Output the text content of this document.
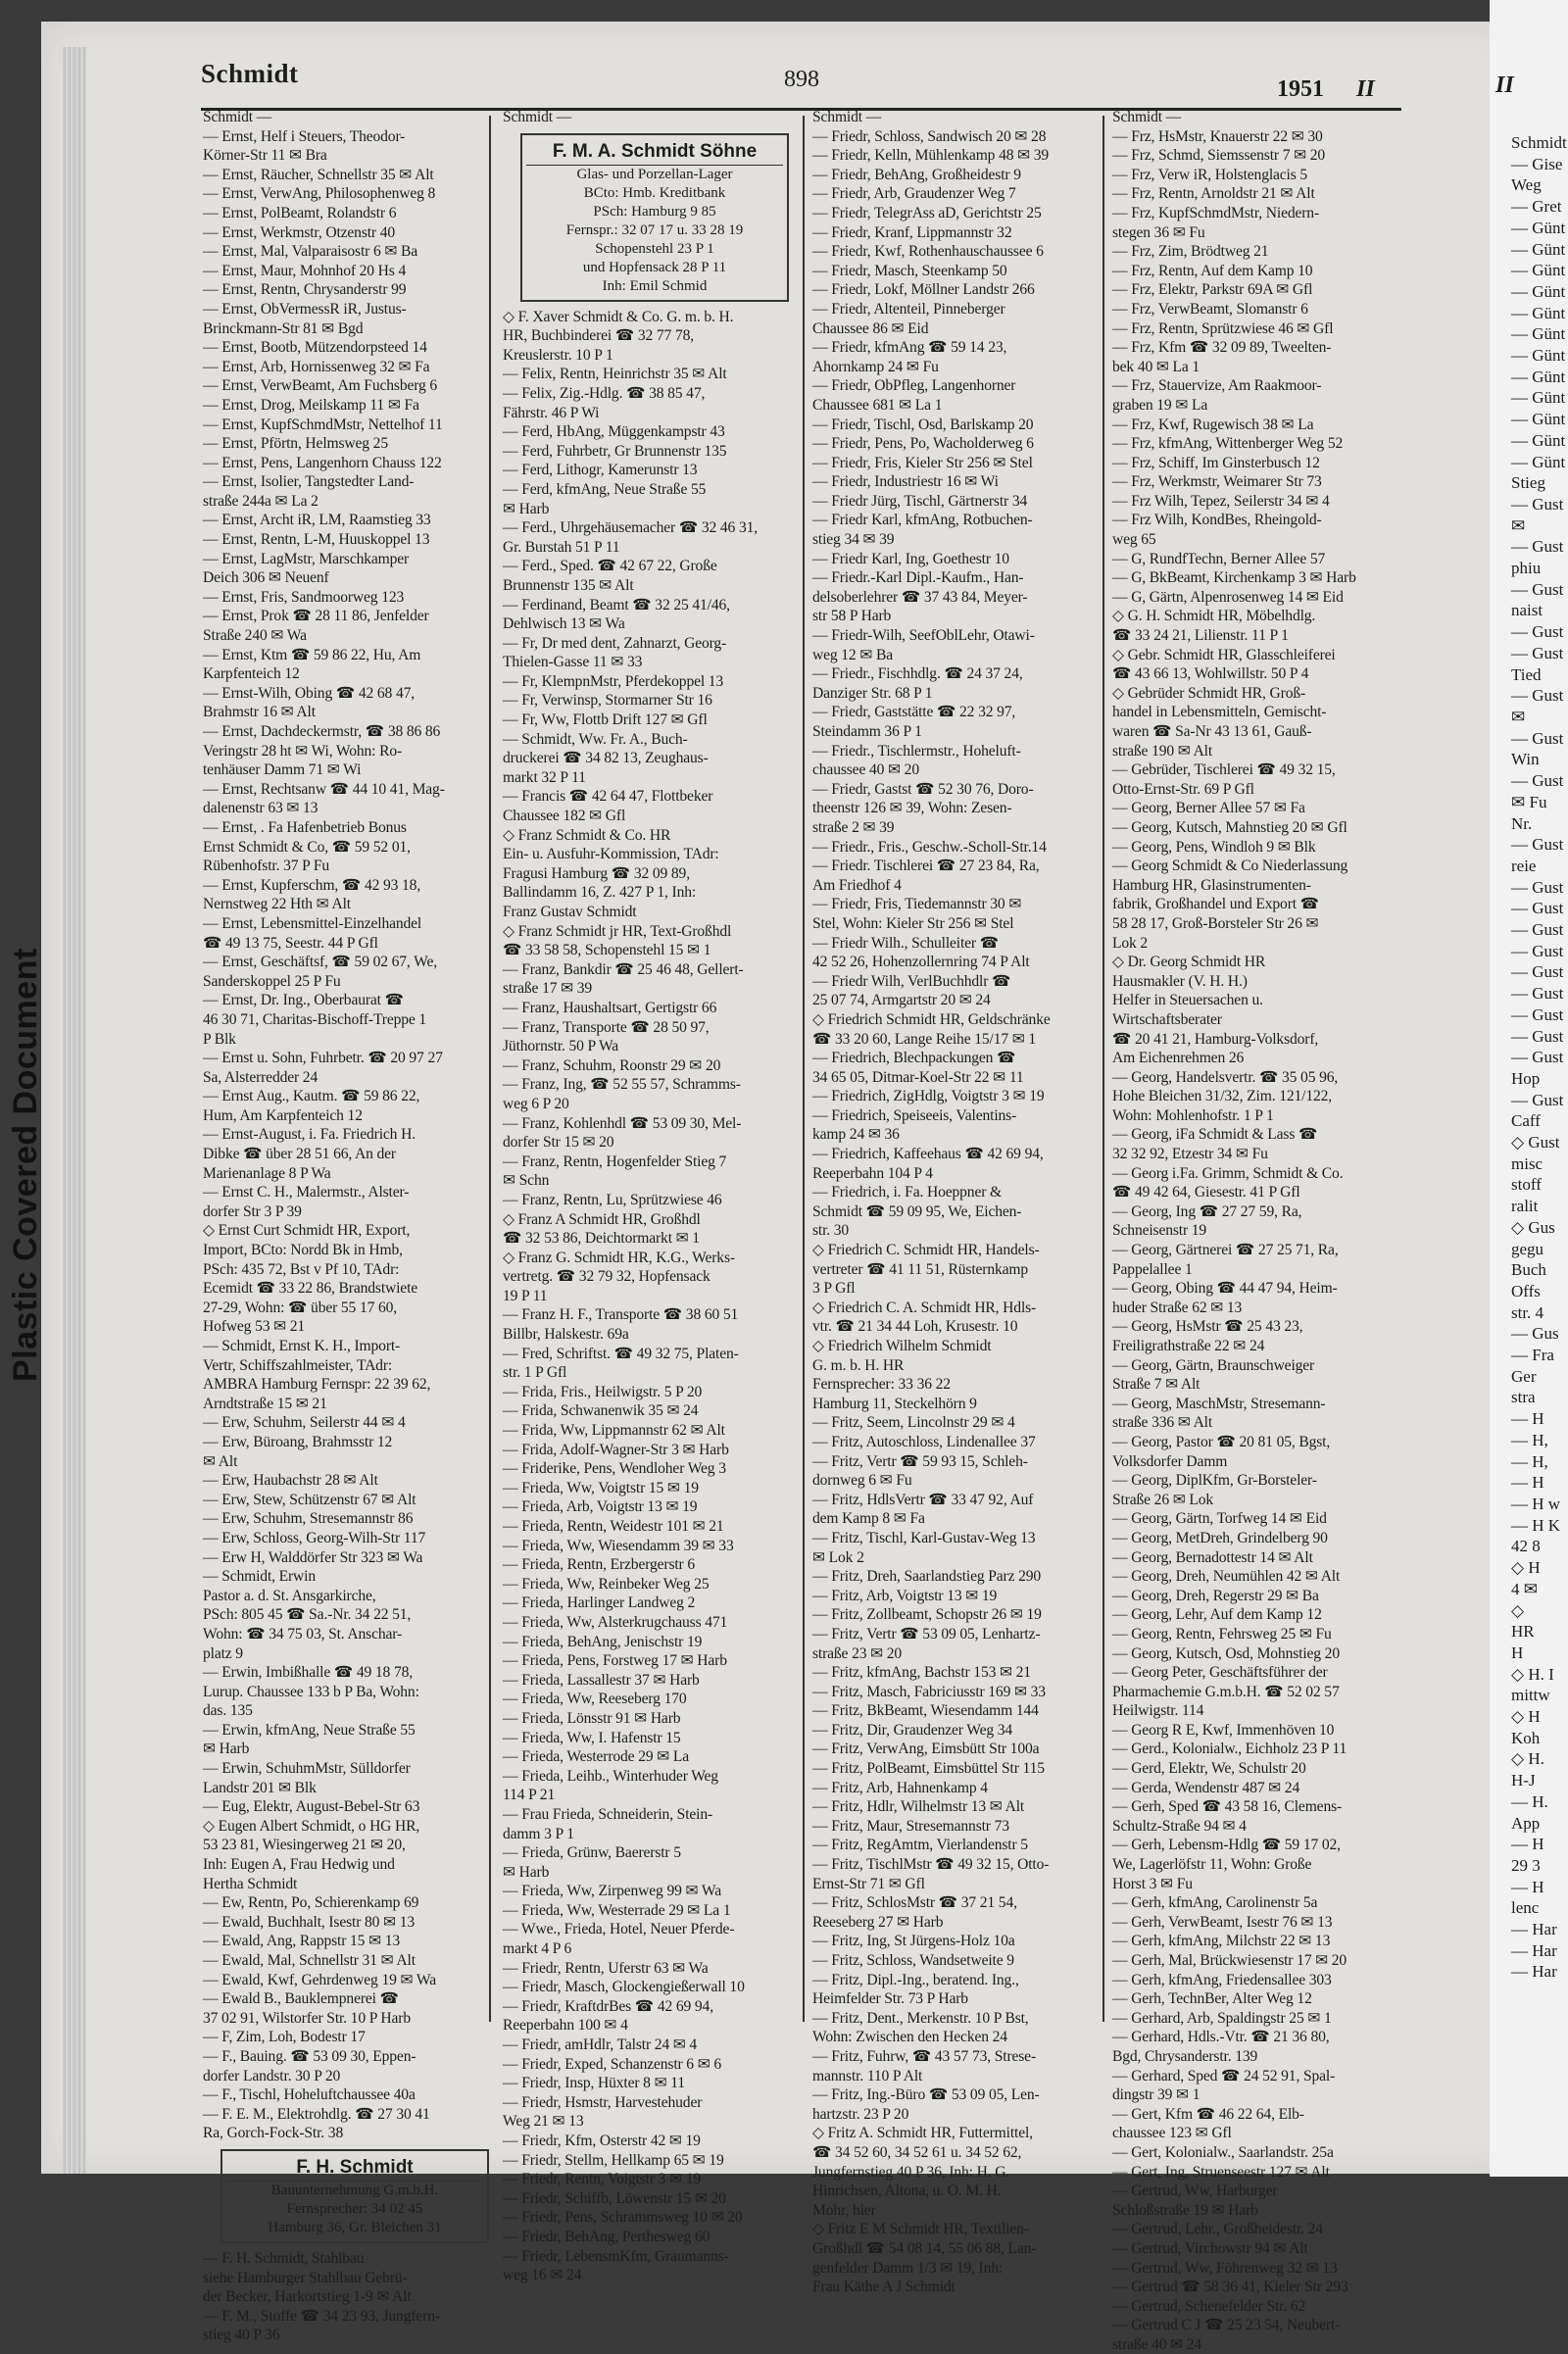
Plastic Covered Document
Schmidt	898	1951 II
Schmidt —
— Ernst, Helf i Steuers, Theodor-
Körner-Str 11 ✉ Bra
— Ernst, Räucher, Schnellstr 35 ✉ Alt
— Ernst, VerwAng, Philosophenweg 8
— Ernst, PolBeamt, Rolandstr 6
— Ernst, Werkmstr, Otzenstr 40
— Ernst, Mal, Valparaisostr 6 ✉ Ba
— Ernst, Maur, Mohnhof 20 Hs 4
— Ernst, Rentn, Chrysanderstr 99
— Ernst, ObVermessR iR, Justus-
Brinckmann-Str 81 ✉ Bgd
— Ernst, Bootb, Mützendorpsteed 14
— Ernst, Arb, Hornissenweg 32 ✉ Fa
— Ernst, VerwBeamt, Am Fuchsberg 6
— Ernst, Drog, Meilskamp 11 ✉ Fa
— Ernst, KupfSchmdMstr, Nettelhof 11
— Ernst, Pförtn, Helmsweg 25
— Ernst, Pens, Langenhorn Chauss 122
— Ernst, Isolier, Tangstedter Land-
straße 244a ✉ La 2
— Ernst, Archt iR, LM, Raamstieg 33
— Ernst, Rentn, L-M, Huuskoppel 13
— Ernst, LagMstr, Marschkamper
Deich 306 ✉ Neuenf
— Ernst, Fris, Sandmoorweg 123
— Ernst, Prok ☎ 28 11 86, Jenfelder
Straße 240 ✉ Wa
— Ernst, Ktm ☎ 59 86 22, Hu, Am
Karpfenteich 12
— Ernst-Wilh, Obing ☎ 42 68 47,
Brahmstr 16 ✉ Alt
— Ernst, Dachdeckermstr, ☎ 38 86 86
Veringstr 28 ht ✉ Wi, Wohn: Ro-
tenhäuser Damm 71 ✉ Wi
— Ernst, Rechtsanw ☎ 44 10 41, Mag-
dalenenstr 63 ✉ 13
— Ernst, . Fa Hafenbetrieb Bonus
Ernst Schmidt & Co, ☎ 59 52 01,
Rübenhofstr. 37 P Fu
— Ernst, Kupferschm, ☎ 42 93 18,
Nernstweg 22 Hth ✉ Alt
— Ernst, Lebensmittel-Einzelhandel
☎ 49 13 75, Seestr. 44 P Gfl
— Ernst, Geschäftsf, ☎ 59 02 67, We,
Sanderskoppel 25 P Fu
— Ernst, Dr. Ing., Oberbaurat ☎
46 30 71, Charitas-Bischoff-Treppe 1
P Blk
— Ernst u. Sohn, Fuhrbetr. ☎ 20 97 27
Sa, Alsterredder 24
— Ernst Aug., Kautm. ☎ 59 86 22,
Hum, Am Karpfenteich 12
— Ernst-August, i. Fa. Friedrich H.
Dibke ☎ über 28 51 66, An der
Marienanlage 8 P Wa
— Ernst C. H., Malermstr., Alster-
dorfer Str 3 P 39
◇ Ernst Curt Schmidt HR, Export,
Import, BCto: Nordd Bk in Hmb,
PSch: 435 72, Bst v Pf 10, TAdr:
Ecemidt ☎ 33 22 86, Brandstwiete
27-29, Wohn: ☎ über 55 17 60,
Hofweg 53 ✉ 21
— Schmidt, Ernst K. H., Import-
Vertr, Schiffszahlmeister, TAdr:
AMBRA Hamburg Fernspr: 22 39 62,
Arndtstraße 15 ✉ 21
— Erw, Schuhm, Seilerstr 44 ✉ 4
— Erw, Büroang, Brahmsstr 12
✉ Alt
— Erw, Haubachstr 28 ✉ Alt
— Erw, Stew, Schützenstr 67 ✉ Alt
— Erw, Schuhm, Stresemannstr 86
— Erw, Schloss, Georg-Wilh-Str 117
— Erw H, Walddörfer Str 323 ✉ Wa
— Schmidt, Erwin
Pastor a. d. St. Ansgarkirche,
PSch: 805 45 ☎ Sa.-Nr. 34 22 51,
Wohn: ☎ 34 75 03, St. Anschar-
platz 9
— Erwin, Imbißhalle ☎ 49 18 78,
Lurup. Chaussee 133 b P Ba, Wohn:
das. 135
— Erwin, kfmAng, Neue Straße 55
✉ Harb
— Erwin, SchuhmMstr, Sülldorfer
Landstr 201 ✉ Blk
— Eug, Elektr, August-Bebel-Str 63
◇ Eugen Albert Schmidt, o HG HR,
53 23 81, Wiesingerweg 21 ✉ 20,
Inh: Eugen A, Frau Hedwig und
Hertha Schmidt
— Ew, Rentn, Po, Schierenkamp 69
— Ewald, Buchhalt, Isestr 80 ✉ 13
— Ewald, Ang, Rappstr 15 ✉ 13
— Ewald, Mal, Schnellstr 31 ✉ Alt
— Ewald, Kwf, Gehrdenweg 19 ✉ Wa
— Ewald B., Bauklempnerei ☎
37 02 91, Wilstorfer Str. 10 P Harb
— F, Zim, Loh, Bodestr 17
— F., Bauing. ☎ 53 09 30, Eppen-
dorfer Landstr. 30 P 20
— F., Tischl, Hoheluftchaussee 40a
— F. E. M., Elektrohdlg. ☎ 27 30 41
Ra, Gorch-Fock-Str. 38
F. H. Schmidt
Bauunternehmung G.m.b.H.
Fernsprecher: 34 02 45
Hamburg 36, Gr. Bleichen 31
— F. H. Schmidt, Stahlbau
siehe Hamburger Stahlbau Gebrü-
der Becker, Harkortstieg 1-9 ✉ Alt
— F. M., Stoffe ☎ 34 23 93, Jungfern-
stieg 40 P 36
Schmidt —
F. M. A. Schmidt Söhne
Glas- und Porzellan-Lager
BCto: Hmb. Kreditbank
PSch: Hamburg 9 85
Fernspr.: 32 07 17 u. 33 28 19
Schopenstehl 23 P 1
und Hopfensack 28 P 11
Inh: Emil Schmid
◇ F. Xaver Schmidt & Co. G. m. b. H.
HR, Buchbinderei ☎ 32 77 78,
Kreuslerstr. 10 P 1
— Felix, Rentn, Heinrichstr 35 ✉ Alt
— Felix, Zig.-Hdlg. ☎ 38 85 47,
Fährstr. 46 P Wi
— Ferd, HbAng, Müggenkampstr 43
— Ferd, Fuhrbetr, Gr Brunnenstr 135
— Ferd, Lithogr, Kamerunstr 13
— Ferd, kfmAng, Neue Straße 55
✉ Harb
— Ferd., Uhrgehäusemacher ☎ 32 46 31,
Gr. Burstah 51 P 11
— Ferd., Sped. ☎ 42 67 22, Große
Brunnenstr 135 ✉ Alt
— Ferdinand, Beamt ☎ 32 25 41/46,
Dehlwisch 13 ✉ Wa
— Fr, Dr med dent, Zahnarzt, Georg-
Thielen-Gasse 11 ✉ 33
— Fr, KlempnMstr, Pferdekoppel 13
— Fr, Verwinsp, Stormarner Str 16
— Fr, Ww, Flottb Drift 127 ✉ Gfl
— Schmidt, Ww. Fr. A., Buch-
druckerei ☎ 34 82 13, Zeughaus-
markt 32 P 11
— Francis ☎ 42 64 47, Flottbeker
Chaussee 182 ✉ Gfl
◇ Franz Schmidt & Co. HR
Ein- u. Ausfuhr-Kommission, TAdr:
Fragusi Hamburg ☎ 32 09 89,
Ballindamm 16, Z. 427 P 1, Inh:
Franz Gustav Schmidt
◇ Franz Schmidt jr HR, Text-Großhdl
☎ 33 58 58, Schopenstehl 15 ✉ 1
— Franz, Bankdir ☎ 25 46 48, Gellert-
straße 17 ✉ 39
— Franz, Haushaltsart, Gertigstr 66
— Franz, Transporte ☎ 28 50 97,
Jüthornstr. 50 P Wa
— Franz, Schuhm, Roonstr 29 ✉ 20
— Franz, Ing, ☎ 52 55 57, Schramms-
weg 6 P 20
— Franz, Kohlenhdl ☎ 53 09 30, Mel-
dorfer Str 15 ✉ 20
— Franz, Rentn, Hogenfelder Stieg 7
✉ Schn
— Franz, Rentn, Lu, Sprützwiese 46
◇ Franz A Schmidt HR, Großhdl
☎ 32 53 86, Deichtormarkt ✉ 1
◇ Franz G. Schmidt HR, K.G., Werks-
vertretg. ☎ 32 79 32, Hopfensack
19 P 11
— Franz H. F., Transporte ☎ 38 60 51
Billbr, Halskestr. 69a
— Fred, Schriftst. ☎ 49 32 75, Platen-
str. 1 P Gfl
— Frida, Fris., Heilwigstr. 5 P 20
— Frida, Schwanenwik 35 ✉ 24
— Frida, Ww, Lippmannstr 62 ✉ Alt
— Frida, Adolf-Wagner-Str 3 ✉ Harb
— Friderike, Pens, Wendloher Weg 3
— Frieda, Ww, Voigtstr 15 ✉ 19
— Frieda, Arb, Voigtstr 13 ✉ 19
— Frieda, Rentn, Weidestr 101 ✉ 21
— Frieda, Ww, Wiesendamm 39 ✉ 33
— Frieda, Rentn, Erzbergerstr 6
— Frieda, Ww, Reinbeker Weg 25
— Frieda, Harlinger Landweg 2
— Frieda, Ww, Alsterkrugchauss 471
— Frieda, BehAng, Jenischstr 19
— Frieda, Pens, Forstweg 17 ✉ Harb
— Frieda, Lassallestr 37 ✉ Harb
— Frieda, Ww, Reeseberg 170
— Frieda, Lönsstr 91 ✉ Harb
— Frieda, Ww, I. Hafenstr 15
— Frieda, Westerrode 29 ✉ La
— Frieda, Leihb., Winterhuder Weg
114 P 21
— Frau Frieda, Schneiderin, Stein-
damm 3 P 1
— Frieda, Grünw, Baererstr 5
✉ Harb
— Frieda, Ww, Zirpenweg 99 ✉ Wa
— Frieda, Ww, Westerrade 29 ✉ La 1
— Wwe., Frieda, Hotel, Neuer Pferde-
markt 4 P 6
— Friedr, Rentn, Uferstr 63 ✉ Wa
— Friedr, Masch, Glockengießerwall 10
— Friedr, KraftdrBes ☎ 42 69 94,
Reeperbahn 100 ✉ 4
— Friedr, amHdlr, Talstr 24 ✉ 4
— Friedr, Exped, Schanzenstr 6 ✉ 6
— Friedr, Insp, Hüxter 8 ✉ 11
— Friedr, Hsmstr, Harvestehuder
Weg 21 ✉ 13
— Friedr, Kfm, Osterstr 42 ✉ 19
— Friedr, Stellm, Hellkamp 65 ✉ 19
— Friedr, Rentn, Voigtstr 3 ✉ 19
— Friedr, Schiffb, Löwenstr 15 ✉ 20
— Friedr, Pens, Schrammsweg 10 ✉ 20
— Friedr, BehAng, Perthesweg 60
— Friedr, LebensmKfm, Graumanns-
weg 16 ✉ 24
Schmidt —
— Friedr, Schloss, Sandwisch 20 ✉ 28
— Friedr, Kelln, Mühlenkamp 48 ✉ 39
— Friedr, BehAng, Großheidestr 9
— Friedr, Arb, Graudenzer Weg 7
— Friedr, TelegrAss aD, Gerichtstr 25
— Friedr, Kranf, Lippmannstr 32
— Friedr, Kwf, Rothenhauschaussee 6
— Friedr, Masch, Steenkamp 50
— Friedr, Lokf, Möllner Landstr 266
— Friedr, Altenteil, Pinneberger
Chaussee 86 ✉ Eid
— Friedr, kfmAng ☎ 59 14 23,
Ahornkamp 24 ✉ Fu
— Friedr, ObPfleg, Langenhorner
Chaussee 681 ✉ La 1
— Friedr, Tischl, Osd, Barlskamp 20
— Friedr, Pens, Po, Wacholderweg 6
— Friedr, Fris, Kieler Str 256 ✉ Stel
— Friedr, Industriestr 16 ✉ Wi
— Friedr Jürg, Tischl, Gärtnerstr 34
— Friedr Karl, kfmAng, Rotbuchen-
stieg 34 ✉ 39
— Friedr Karl, Ing, Goethestr 10
— Friedr.-Karl Dipl.-Kaufm., Han-
delsoberlehrer ☎ 37 43 84, Meyer-
str 58 P Harb
— Friedr-Wilh, SeefOblLehr, Otawi-
weg 12 ✉ Ba
— Friedr., Fischhdlg. ☎ 24 37 24,
Danziger Str. 68 P 1
— Friedr, Gaststätte ☎ 22 32 97,
Steindamm 36 P 1
— Friedr., Tischlermstr., Hoheluft-
chaussee 40 ✉ 20
— Friedr, Gastst ☎ 52 30 76, Doro-
theenstr 126 ✉ 39, Wohn: Zesen-
straße 2 ✉ 39
— Friedr., Fris., Geschw.-Scholl-Str.14
— Friedr. Tischlerei ☎ 27 23 84, Ra,
Am Friedhof 4
— Friedr, Fris, Tiedemannstr 30 ✉
Stel, Wohn: Kieler Str 256 ✉ Stel
— Friedr Wilh., Schulleiter ☎
42 52 26, Hohenzollernring 74 P Alt
— Friedr Wilh, VerlBuchhdlr ☎
25 07 74, Armgartstr 20 ✉ 24
◇ Friedrich Schmidt HR, Geldschränke
☎ 33 20 60, Lange Reihe 15/17 ✉ 1
— Friedrich, Blechpackungen ☎
34 65 05, Ditmar-Koel-Str 22 ✉ 11
— Friedrich, ZigHdlg, Voigtstr 3 ✉ 19
— Friedrich, Speiseeis, Valentins-
kamp 24 ✉ 36
— Friedrich, Kaffeehaus ☎ 42 69 94,
Reeperbahn 104 P 4
— Friedrich, i. Fa. Hoeppner &
Schmidt ☎ 59 09 95, We, Eichen-
str. 30
◇ Friedrich C. Schmidt HR, Handels-
vertreter ☎ 41 11 51, Rüsternkamp
3 P Gfl
◇ Friedrich C. A. Schmidt HR, Hdls-
vtr. ☎ 21 34 44 Loh, Krusestr. 10
◇ Friedrich Wilhelm Schmidt
G. m. b. H. HR
Fernsprecher: 33 36 22
Hamburg 11, Steckelhörn 9
— Fritz, Seem, Lincolnstr 29 ✉ 4
— Fritz, Autoschloss, Lindenallee 37
— Fritz, Vertr ☎ 59 93 15, Schleh-
dornweg 6 ✉ Fu
— Fritz, HdlsVertr ☎ 33 47 92, Auf
dem Kamp 8 ✉ Fa
— Fritz, Tischl, Karl-Gustav-Weg 13
✉ Lok 2
— Fritz, Dreh, Saarlandstieg Parz 290
— Fritz, Arb, Voigtstr 13 ✉ 19
— Fritz, Zollbeamt, Schopstr 26 ✉ 19
— Fritz, Vertr ☎ 53 09 05, Lenhartz-
straße 23 ✉ 20
— Fritz, kfmAng, Bachstr 153 ✉ 21
— Fritz, Masch, Fabriciusstr 169 ✉ 33
— Fritz, BkBeamt, Wiesendamm 144
— Fritz, Dir, Graudenzer Weg 34
— Fritz, VerwAng, Eimsbütt Str 100a
— Fritz, PolBeamt, Eimsbüttel Str 115
— Fritz, Arb, Hahnenkamp 4
— Fritz, Hdlr, Wilhelmstr 13 ✉ Alt
— Fritz, Maur, Stresemannstr 73
— Fritz, RegAmtm, Vierlandenstr 5
— Fritz, TischlMstr ☎ 49 32 15, Otto-
Ernst-Str 71 ✉ Gfl
— Fritz, SchlosMstr ☎ 37 21 54,
Reeseberg 27 ✉ Harb
— Fritz, Ing, St Jürgens-Holz 10a
— Fritz, Schloss, Wandsetweite 9
— Fritz, Dipl.-Ing., beratend. Ing.,
Heimfelder Str. 73 P Harb
— Fritz, Dent., Merkenstr. 10 P Bst,
Wohn: Zwischen den Hecken 24
— Fritz, Fuhrw, ☎ 43 57 73, Strese-
mannstr. 110 P Alt
— Fritz, Ing.-Büro ☎ 53 09 05, Len-
hartzstr. 23 P 20
◇ Fritz A. Schmidt HR, Futtermittel,
☎ 34 52 60, 34 52 61 u. 34 52 62,
Jungfernstieg 40 P 36, Inh: H. G.
Hinrichsen, Altona, u. O. M. H.
Mohr, hier
◇ Fritz E M Schmidt HR, Textilien-
Großhdl ☎ 54 08 14, 55 06 88, Lan-
genfelder Damm 1/3 ✉ 19, Inh:
Frau Käthe A J Schmidt
Schmidt —
— Frz, HsMstr, Knauerstr 22 ✉ 30
— Frz, Schmd, Siemssenstr 7 ✉ 20
— Frz, Verw iR, Holstenglacis 5
— Frz, Rentn, Arnoldstr 21 ✉ Alt
— Frz, KupfSchmdMstr, Niedern-
stegen 36 ✉ Fu
— Frz, Zim, Brödtweg 21
— Frz, Rentn, Auf dem Kamp 10
— Frz, Elektr, Parkstr 69A ✉ Gfl
— Frz, VerwBeamt, Slomanstr 6
— Frz, Rentn, Sprützwiese 46 ✉ Gfl
— Frz, Kfm ☎ 32 09 89, Tweelten-
bek 40 ✉ La 1
— Frz, Stauervize, Am Raakmoor-
graben 19 ✉ La
— Frz, Kwf, Rugewisch 38 ✉ La
— Frz, kfmAng, Wittenberger Weg 52
— Frz, Schiff, Im Ginsterbusch 12
— Frz, Werkmstr, Weimarer Str 73
— Frz Wilh, Tepez, Seilerstr 34 ✉ 4
— Frz Wilh, KondBes, Rheingold-
weg 65
— G, RundfTechn, Berner Allee 57
— G, BkBeamt, Kirchenkamp 3 ✉ Harb
— G, Gärtn, Alpenrosenweg 14 ✉ Eid
◇ G. H. Schmidt HR, Möbelhdlg.
☎ 33 24 21, Lilienstr. 11 P 1
◇ Gebr. Schmidt HR, Glasschleiferei
☎ 43 66 13, Wohlwillstr. 50 P 4
◇ Gebrüder Schmidt HR, Groß-
handel in Lebensmitteln, Gemischt-
waren ☎ Sa-Nr 43 13 61, Gauß-
straße 190 ✉ Alt
— Gebrüder, Tischlerei ☎ 49 32 15,
Otto-Ernst-Str. 69 P Gfl
— Georg, Berner Allee 57 ✉ Fa
— Georg, Kutsch, Mahnstieg 20 ✉ Gfl
— Georg, Pens, Windloh 9 ✉ Blk
— Georg Schmidt & Co Niederlassung
Hamburg HR, Glasinstrumenten-
fabrik, Großhandel und Export ☎
58 28 17, Groß-Borsteler Str 26 ✉
Lok 2
◇ Dr. Georg Schmidt HR
Hausmakler (V. H. H.)
Helfer in Steuersachen u.
Wirtschaftsberater
☎ 20 41 21, Hamburg-Volksdorf,
Am Eichenrehmen 26
— Georg, Handelsvertr. ☎ 35 05 96,
Hohe Bleichen 31/32, Zim. 121/122,
Wohn: Mohlenhofstr. 1 P 1
— Georg, iFa Schmidt & Lass ☎
32 32 92, Etzestr 34 ✉ Fu
— Georg i.Fa. Grimm, Schmidt & Co.
☎ 49 42 64, Giesestr. 41 P Gfl
— Georg, Ing ☎ 27 27 59, Ra,
Schneisenstr 19
— Georg, Gärtnerei ☎ 27 25 71, Ra,
Pappelallee 1
— Georg, Obing ☎ 44 47 94, Heim-
huder Straße 62 ✉ 13
— Georg, HsMstr ☎ 25 43 23,
Freiligrathstraße 22 ✉ 24
— Georg, Gärtn, Braunschweiger
Straße 7 ✉ Alt
— Georg, MaschMstr, Stresemann-
straße 336 ✉ Alt
— Georg, Pastor ☎ 20 81 05, Bgst,
Volksdorfer Damm
— Georg, DiplKfm, Gr-Borsteler-
Straße 26 ✉ Lok
— Georg, Gärtn, Torfweg 14 ✉ Eid
— Georg, MetDreh, Grindelberg 90
— Georg, Bernadottestr 14 ✉ Alt
— Georg, Dreh, Neumühlen 42 ✉ Alt
— Georg, Dreh, Regerstr 29 ✉ Ba
— Georg, Lehr, Auf dem Kamp 12
— Georg, Rentn, Fehrsweg 25 ✉ Fu
— Georg, Kutsch, Osd, Mohnstieg 20
— Georg Peter, Geschäftsführer der
Pharmachemie G.m.b.H. ☎ 52 02 57
Heilwigstr. 114
— Georg R E, Kwf, Immenhöven 10
— Gerd., Kolonialw., Eichholz 23 P 11
— Gerd, Elektr, We, Schulstr 20
— Gerda, Wendenstr 487 ✉ 24
— Gerh, Sped ☎ 43 58 16, Clemens-
Schultz-Straße 94 ✉ 4
— Gerh, Lebensm-Hdlg ☎ 59 17 02,
We, Lagerlöfstr 11, Wohn: Große
Horst 3 ✉ Fu
— Gerh, kfmAng, Carolinenstr 5a
— Gerh, VerwBeamt, Isestr 76 ✉ 13
— Gerh, kfmAng, Milchstr 22 ✉ 13
— Gerh, Mal, Brückwiesenstr 17 ✉ 20
— Gerh, kfmAng, Friedensallee 303
— Gerh, TechnBer, Alter Weg 12
— Gerhard, Arb, Spaldingstr 25 ✉ 1
— Gerhard, Hdls.-Vtr. ☎ 21 36 80,
Bgd, Chrysanderstr. 139
— Gerhard, Sped ☎ 24 52 91, Spal-
dingstr 39 ✉ 1
— Gert, Kfm ☎ 46 22 64, Elb-
chaussee 123 ✉ Gfl
— Gert, Kolonialw., Saarlandstr. 25a
— Gert, Ing, Struenseestr 127 ✉ Alt
— Gertrud, Ww, Harburger
Schloßstraße 19 ✉ Harb
— Gertrud, Lehr., Großheidestr. 24
— Gertrud, Virchowstr 94 ✉ Alt
— Gertrud, Ww, Föhrenweg 32 ✉ 13
— Gertrud ☎ 58 36 41, Kieler Str 293
— Gertrud, Schenefelder Str. 62
— Gertrud C J ☎ 25 23 54, Neubert-
straße 40 ✉ 24
II
Schmidt
— Gise
Weg
— Gret
— Günt
— Günt
— Günt
— Günt
— Günt
— Günt
— Günt
— Günt
— Günt
— Günt
— Günt
— Günt
Stieg
— Gust
✉
— Gust
phiu
— Gust
naist
— Gust
— Gust
Tied
— Gust
✉
— Gust
Win
— Gust
✉ Fu
Nr.
— Gust
reie
— Gust
— Gust
— Gust
— Gust
— Gust
— Gust
— Gust
— Gust
— Gust
Hop
— Gust
Caff
◇ Gust
misc
stoff
ralit
◇ Gus
gegu
Buch
Offs
str. 4
— Gus
— Fra
Ger
stra
— H
— H,
— H,
— H
— H w
— H K
42 8
◇ H
4 ✉
◇
HR
H
◇ H. I
mittw
◇ H
Koh
◇ H.
H-J
— H.
App
— H
29 3
— H
lenc
— Har
— Har
— Har
